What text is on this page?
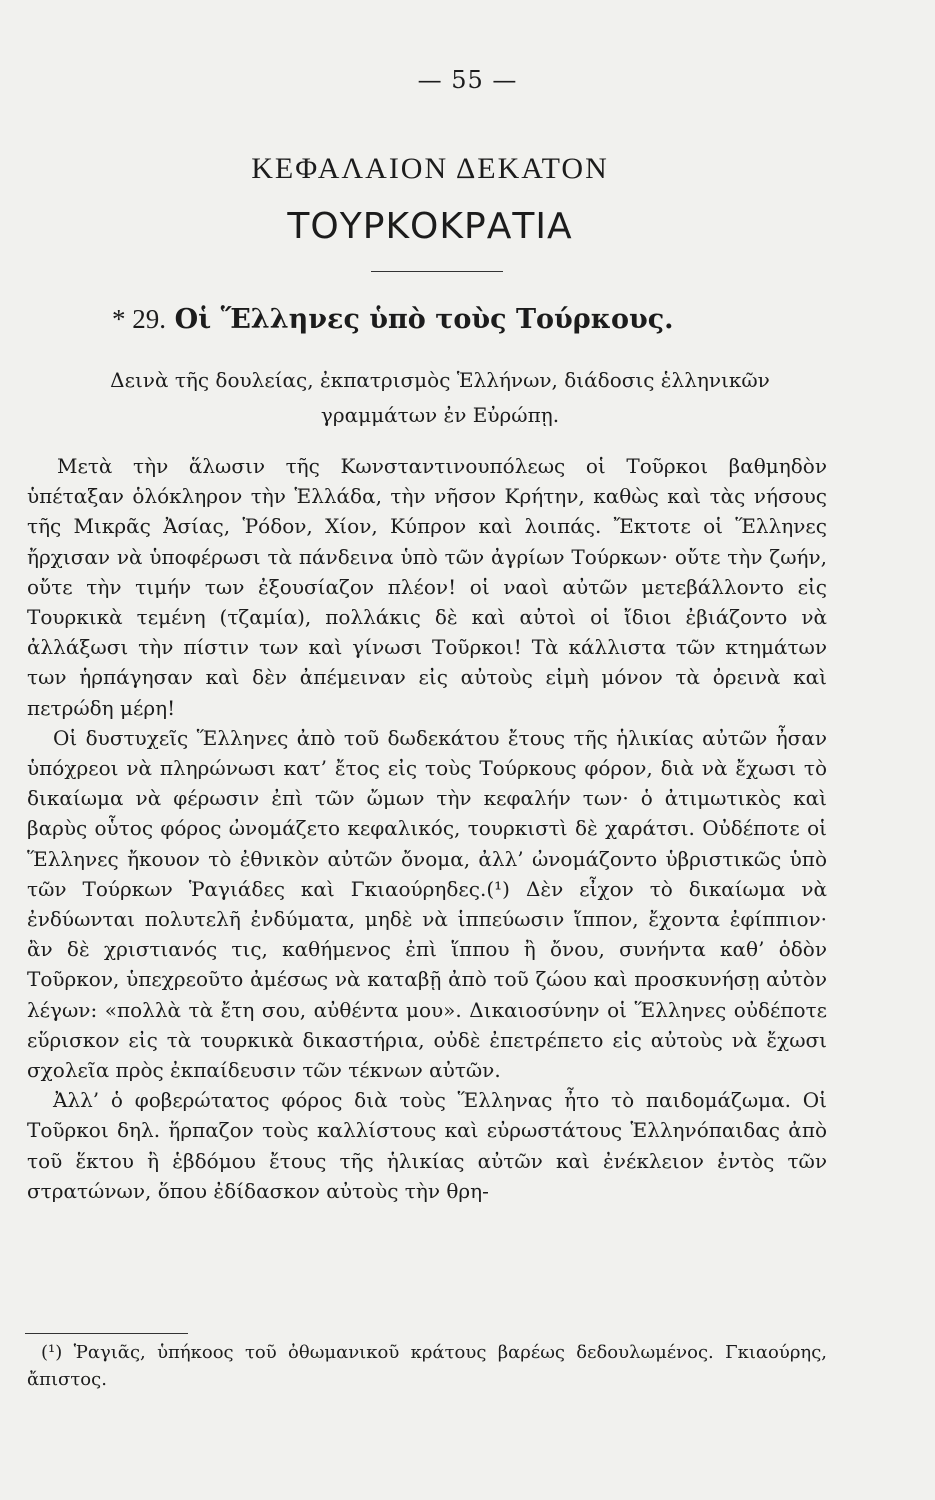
— 55 —
ΚΕΦΑΛΑΙΟΝ ΔΕΚΑΤΟΝ
ΤΟΥΡΚΟΚΡΑΤΙΑ
* 29. Οἱ Ἕλληνες ὑπὸ τοὺς Τούρκους.
Δεινὰ τῆς δουλείας, ἐκπατρισμὸς Ἑλλήνων, διάδοσις ἑλληνικῶν γραμμάτων ἐν Εὐρώπῃ.

Μετὰ τὴν ἅλωσιν τῆς Κωνσταντινουπόλεως οἱ Τοῦρκοι βαθμηδὸν ὑπέταξαν ὁλόκληρον τὴν Ἑλλάδα, τὴν νῆσον Κρήτην, καθὼς καὶ τὰς νήσους τῆς Μικρᾶς Ἀσίας, Ῥόδον, Χίον, Κύπρον καὶ λοιπάς. Ἔκτοτε οἱ Ἕλληνες ἤρχισαν νὰ ὑποφέρωσι τὰ πάνδεινα ὑπὸ τῶν ἀγρίων Τούρκων· οὔτε τὴν ζωήν, οὔτε τὴν τιμήν των ἐξουσίαζον πλέον! οἱ ναοὶ αὐτῶν μετεβάλλοντο εἰς Τουρκικὰ τεμένη (τζαμία), πολλάκις δὲ καὶ αὐτοὶ οἱ ἴδιοι ἐβιάζοντο νὰ ἀλλάξωσι τὴν πίστιν των καὶ γίνωσι Τοῦρκοι! Τὰ κάλλιστα τῶν κτημάτων των ἡρπάγησαν καὶ δὲν ἀπέμειναν εἰς αὐτοὺς εἰμὴ μόνον τὰ ὀρεινὰ καὶ πετρώδη μέρη!

Οἱ δυστυχεῖς Ἕλληνες ἀπὸ τοῦ δωδεκάτου ἔτους τῆς ἡλικίας αὐτῶν ἦσαν ὑπόχρεοι νὰ πληρώνωσι κατ’ ἔτος εἰς τοὺς Τούρκους φόρον, διὰ νὰ ἔχωσι τὸ δικαίωμα νὰ φέρωσιν ἐπὶ τῶν ὤμων τὴν κεφαλήν των· ὁ ἀτιμωτικὸς καὶ βαρὺς οὗτος φόρος ὠνομάζετο κεφαλικός, τουρκιστὶ δὲ χαράτσι. Οὐδέποτε οἱ Ἕλληνες ἤκουον τὸ ἐθνικὸν αὐτῶν ὄνομα, ἀλλ’ ὠνομάζοντο ὑβριστικῶς ὑπὸ τῶν Τούρκων Ῥαγιάδες καὶ Γκιαούρηδες.(¹) Δὲν εἶχον τὸ δικαίωμα νὰ ἐνδύωνται πολυτελῆ ἐνδύματα, μηδὲ νὰ ἱππεύωσιν ἵππον, ἔχοντα ἐφίππιον· ἂν δὲ χριστιανός τις, καθήμενος ἐπὶ ἵππου ἢ ὄνου, συνήντα καθ’ ὁδὸν Τοῦρκον, ὑπεχρεοῦτο ἀμέσως νὰ καταβῇ ἀπὸ τοῦ ζώου καὶ προσκυνήσῃ αὐτὸν λέγων: «πολλὰ τὰ ἔτη σου, αὐθέντα μου». Δικαιοσύνην οἱ Ἕλληνες οὐδέποτε εὕρισκον εἰς τὰ τουρκικὰ δικαστήρια, οὐδὲ ἐπετρέπετο εἰς αὐτοὺς νὰ ἔχωσι σχολεῖα πρὸς ἐκπαίδευσιν τῶν τέκνων αὐτῶν.

Ἀλλ’ ὁ φοβερώτατος φόρος διὰ τοὺς Ἕλληνας ἦτο τὸ παιδομάζωμα. Οἱ Τοῦρκοι δηλ. ἥρπαζον τοὺς καλλίστους καὶ εὐρωστάτους Ἑλληνόπαιδας ἀπὸ τοῦ ἕκτου ἢ ἑβδόμου ἔτους τῆς ἡλικίας αὐτῶν καὶ ἐνέκλειον ἐντὸς τῶν στρατώνων, ὅπου ἐδίδασκον αὐτοὺς τὴν θρη-

(¹) Ῥαγιᾶς, ὑπήκοος τοῦ ὀθωμανικοῦ κράτους βαρέως δεδουλωμένος. Γκιαούρης, ἄπιστος.
